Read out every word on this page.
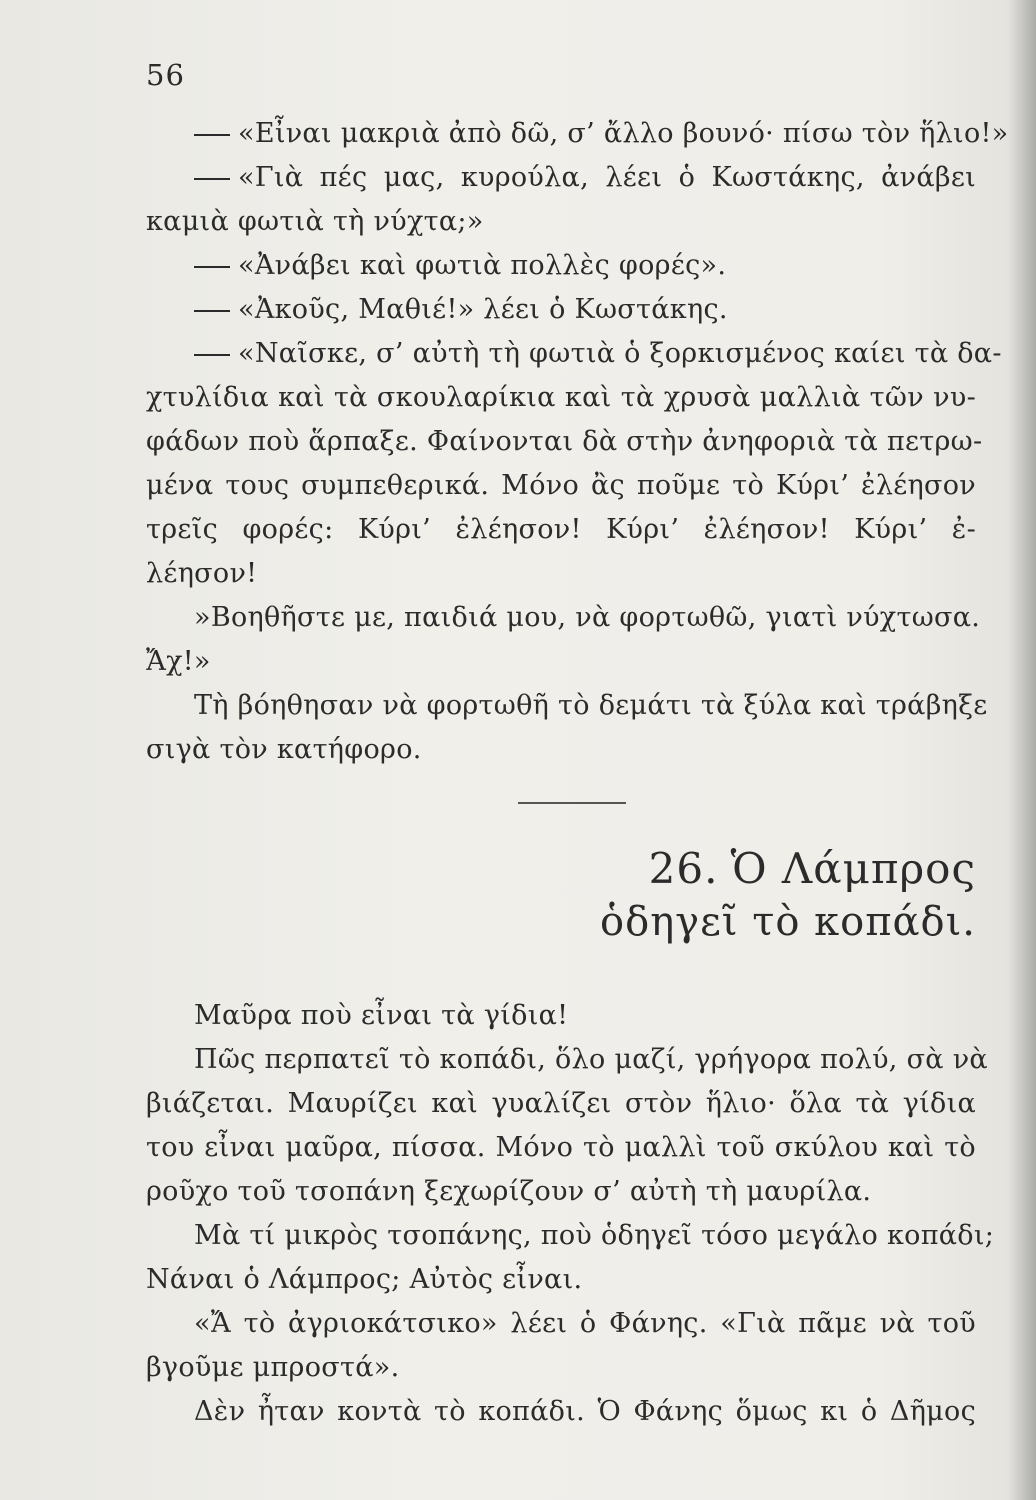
56
«Εἶναι μακριὰ ἀπὸ δῶ, σ’ ἄλλο βουνό· πίσω τὸν ἥλιο!»
«Γιὰ πές μας, κυρούλα, λέει ὁ Κωστάκης, ἀνάβει
καμιὰ φωτιὰ τὴ νύχτα;»
«Ἀνάβει καὶ φωτιὰ πολλὲς φορές».
«Ἀκοῦς, Μαθιέ!» λέει ὁ Κωστάκης.
«Ναῖσκε, σ’ αὐτὴ τὴ φωτιὰ ὁ ξορκισμένος καίει τὰ δα-
χτυλίδια καὶ τὰ σκουλαρίκια καὶ τὰ χρυσὰ μαλλιὰ τῶν νυ-
φάδων ποὺ ἅρπαξε. Φαίνονται δὰ στὴν ἀνηφοριὰ τὰ πετρω-
μένα τους συμπεθερικά. Μόνο ἂς ποῦμε τὸ Κύρι’ ἐλέησον
τρεῖς φορές: Κύρι’ ἐλέησον! Κύρι’ ἐλέησον! Κύρι’ ἐ-
λέησον!
»Βοηθῆστε με, παιδιά μου, νὰ φορτωθῶ, γιατὶ νύχτωσα.
Ἄχ!»
Τὴ βόηθησαν νὰ φορτωθῆ τὸ δεμάτι τὰ ξύλα καὶ τράβηξε
σιγὰ τὸν κατήφορο.
26. Ὁ Λάμπρος
ὁδηγεῖ τὸ κοπάδι.
Μαῦρα ποὺ εἶναι τὰ γίδια!
Πῶς περπατεῖ τὸ κοπάδι, ὅλο μαζί, γρήγορα πολύ, σὰ νὰ
βιάζεται. Μαυρίζει καὶ γυαλίζει στὸν ἥλιο· ὅλα τὰ γίδια
του εἶναι μαῦρα, πίσσα. Μόνο τὸ μαλλὶ τοῦ σκύλου καὶ τὸ
ροῦχο τοῦ τσοπάνη ξεχωρίζουν σ’ αὐτὴ τὴ μαυρίλα.
Μὰ τί μικρὸς τσοπάνης, ποὺ ὁδηγεῖ τόσο μεγάλο κοπάδι;
Νάναι ὁ Λάμπρος; Αὐτὸς εἶναι.
«Ἄ τὸ ἀγριοκάτσικο» λέει ὁ Φάνης. «Γιὰ πᾶμε νὰ τοῦ
βγοῦμε μπροστά».
Δὲν ἦταν κοντὰ τὸ κοπάδι. Ὁ Φάνης ὅμως κι ὁ Δῆμος
